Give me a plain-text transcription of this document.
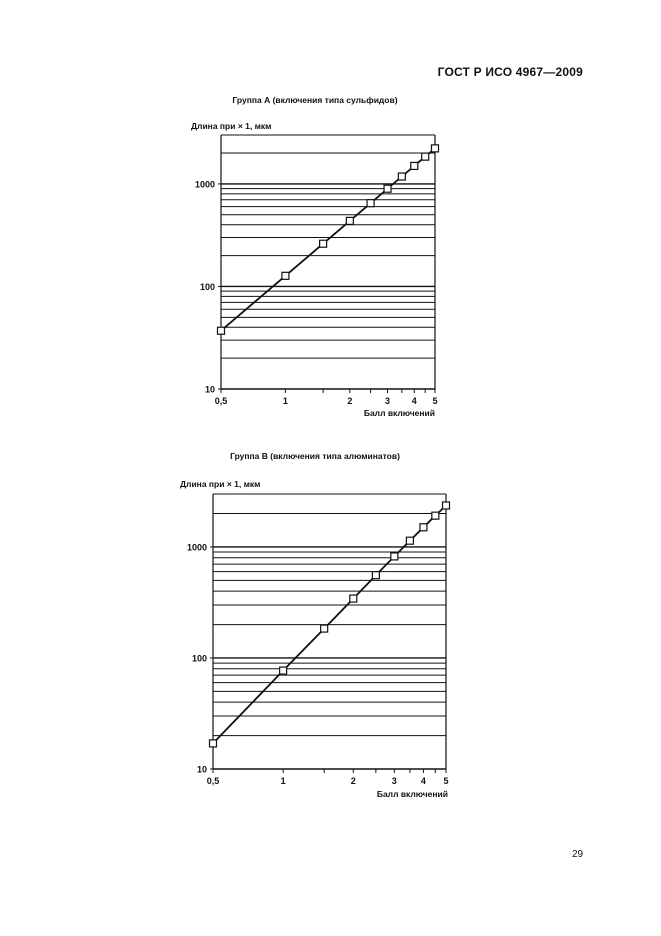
ГОСТ Р ИСО 4967—2009
Группа А (включения типа сульфидов)
Длина при × 1, мкм
10
100
1000
0,5	1	2	3 4 5
Балл включений
Группа В (включения типа алюминатов)
Длина при × 1, мкм
10
100
1000
0,5	1	2	3	4 5
Балл включений
29
